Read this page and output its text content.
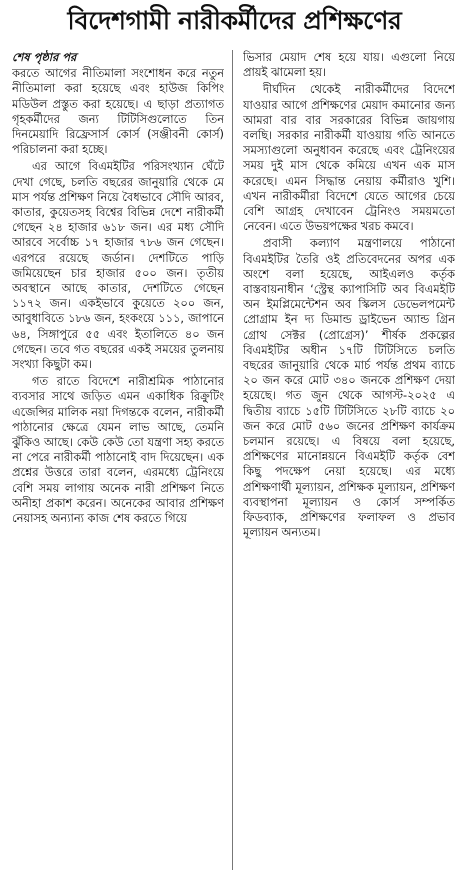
বিদেশগামী নারীকর্মীদের প্রশিক্ষণের
শেষ পৃষ্ঠার পর

করতে আগের নীতিমালা সংশোধন করে নতুন নীতিমালা করা হয়েছে এবং হাউজ কিপিং মডিউল প্রস্তুত করা হয়েছে। এ ছাড়া প্রত্যাগত গৃহকর্মীদের জন্য টিটিসিগুলোতে তিন দিনমেয়াদি রিফ্রেসার্স কোর্স (সঞ্জীবনী কোর্স) পরিচালনা করা হচ্ছে।

এর আগে বিএমইটির পরিসংখ্যান ঘেঁটে দেখা গেছে, চলতি বছরের জানুয়ারি থেকে মে মাস পর্যন্ত প্রশিক্ষণ নিয়ে বৈধভাবে সৌদি আরব, কাতার, কুয়েতসহ বিশ্বের বিভিন্ন দেশে নারীকর্মী গেছেন ২৪ হাজার ৬১৮ জন। এর মধ্য সৌদি আরবে সর্বোচ্চ ১৭ হাজার ৭৮৬ জন গেছেন। এরপরে রয়েছে জর্ডান। দেশটিতে পাড়ি জমিয়েছেন চার হাজার ৫০০ জন। তৃতীয় অবস্থানে আছে কাতার, দেশটিতে গেছেন ১১৭২ জন। একইভাবে কুয়েতে ২০০ জন, আবুধাবিতে ১৮৬ জন, হংকংয়ে ১১১, জাপানে ৬৪, সিঙ্গাপুরে ৫৫ এবং ইতালিতে ৪০ জন গেছেন। তবে গত বছরের একই সময়ের তুলনায় সংখ্যা কিছুটা কম।

গত রাতে বিদেশে নারীশ্রমিক পাঠানোর ব্যবসার সাথে জড়িত এমন একাধিক রিক্রুটিং এজেন্সির মালিক নয়া দিগন্তকে বলেন, নারীকর্মী পাঠানোর ক্ষেত্রে যেমন লাভ আছে, তেমনি ঝুঁকিও আছে। কেউ কেউ তো যন্ত্রণা সহ্য করতে না পেরে নারীকর্মী পাঠানোই বাদ দিয়েছেন। এক প্রশ্নের উত্তরে তারা বলেন, এরমধ্যে ট্রেনিংয়ে বেশি সময় লাগায় অনেক নারী প্রশিক্ষণ নিতে অনীহা প্রকাশ করেন। অনেকের আবার প্রশিক্ষণ নেয়াসহ অন্যান্য কাজ শেষ করতে গিয়ে

ভিসার মেয়াদ শেষ হয়ে যায়। এগুলো নিয়ে প্রায়ই ঝামেলা হয়।

দীর্ঘদিন থেকেই নারীকর্মীদের বিদেশে যাওয়ার আগে প্রশিক্ষণের মেয়াদ কমানোর জন্য আমরা বার বার সরকারের বিভিন্ন জায়গায় বলছি। সরকার নারীকর্মী যাওয়ায় গতি আনতে সমস্যাগুলো অনুধাবন করেছে এবং ট্রেনিংয়ের সময় দুই মাস থেকে কমিয়ে এখন এক মাস করেছে। এমন সিদ্ধান্ত নেয়ায় কর্মীরাও খুশি। এখন নারীকর্মীরা বিদেশে যেতে আগের চেয়ে বেশি আগ্রহ দেখাবেন ট্রেনিংও সময়মতো নেবেন। এতে উভয়পক্ষের খরচ কমবে।

প্রবাসী কল্যাণ মন্ত্রণালয়ে পাঠানো বিএমইটির তৈরি ওই প্রতিবেদনের অপর এক অংশে বলা হয়েছে, আইএলও কর্তৃক বাস্তবায়নাধীন ‘স্ট্রেন্থ ক্যাপাসিটি অব বিএমইটি অন ইমপ্লিমেন্টেশন অব স্কিলস ডেভেলপমেন্ট প্রোগ্রাম ইন দ্য ডিমান্ড ড্রাইভেন অ্যান্ড গ্রিন গ্রোথ সেক্টর (প্রোগ্রেস)’ শীর্ষক প্রকল্পের বিএমইটির অধীন ১৭টি টিটিসিতে চলতি বছরের জানুয়ারি থেকে মার্চ পর্যন্ত প্রথম ব্যাচে ২০ জন করে মোট ৩৪০ জনকে প্রশিক্ষণ দেয়া হয়েছে। গত জুন থেকে আগস্ট-২০২৫ এ দ্বিতীয় ব্যাচে ১৫টি টিটিসিতে ২৮টি ব্যাচে ২০ জন করে মোট ৫৬০ জনের প্রশিক্ষণ কার্যক্রম চলমান রয়েছে। এ বিষয়ে বলা হয়েছে, প্রশিক্ষণের মানোন্নয়নে বিএমইটি কর্তৃক বেশ কিছু পদক্ষেপ নেয়া হয়েছে। এর মধ্যে প্রশিক্ষণার্থী মূল্যায়ন, প্রশিক্ষক মূল্যায়ন, প্রশিক্ষণ ব্যবস্থাপনা মূল্যায়ন ও কোর্স সম্পর্কিত ফিডব্যাক, প্রশিক্ষণের ফলাফল ও প্রভাব মূল্যায়ন অন্যতম।
